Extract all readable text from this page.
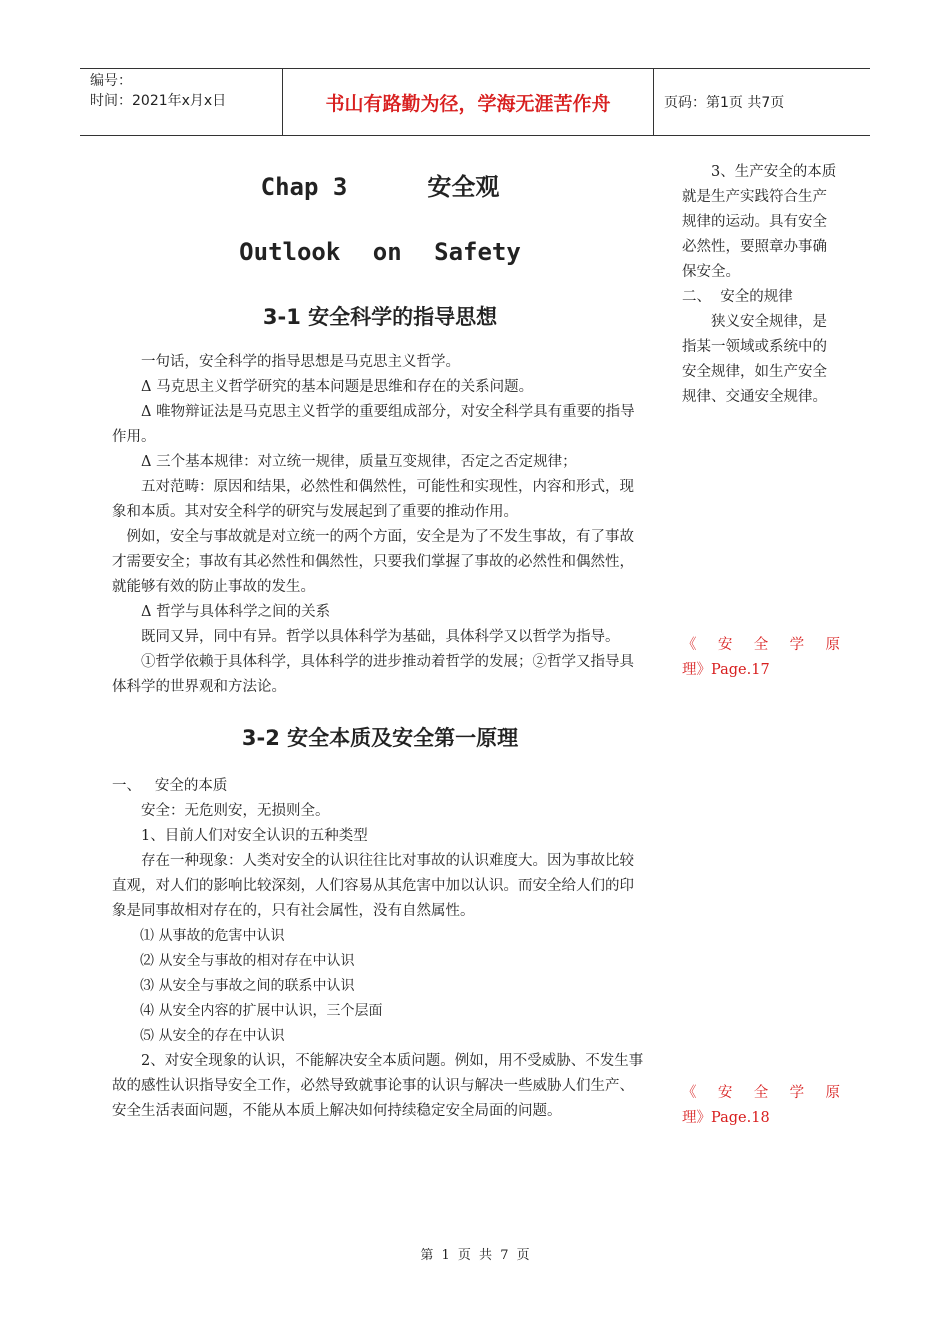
编号：
时间：2021年x月x日	书山有路勤为径，学海无涯苦作舟	页码：第1页 共7页
Chap 3	安全观
Outlook on Safety
3-1 安全科学的指导思想

一句话，安全科学的指导思想是马克思主义哲学。

Δ 马克思主义哲学研究的基本问题是思维和存在的关系问题。

Δ 唯物辩证法是马克思主义哲学的重要组成部分，对安全科学具有重要的指导作用。

Δ 三个基本规律：对立统一规律，质量互变规律，否定之否定规律；

五对范畴：原因和结果，必然性和偶然性，可能性和实现性，内容和形式，现象和本质。其对安全科学的研究与发展起到了重要的推动作用。

例如，安全与事故就是对立统一的两个方面，安全是为了不发生事故，有了事故才需要安全；事故有其必然性和偶然性，只要我们掌握了事故的必然性和偶然性，就能够有效的防止事故的发生。

Δ 哲学与具体科学之间的关系

既同又异，同中有异。哲学以具体科学为基础，具体科学又以哲学为指导。

①哲学依赖于具体科学，具体科学的进步推动着哲学的发展；②哲学又指导具体科学的世界观和方法论。

3-2 安全本质及安全第一原理

一、   安全的本质

安全：无危则安，无损则全。

1、目前人们对安全认识的五种类型

存在一种现象：人类对安全的认识往往比对事故的认识难度大。因为事故比较直观，对人们的影响比较深刻，人们容易从其危害中加以认识。而安全给人们的印象是同事故相对存在的，只有社会属性，没有自然属性。

⑴ 从事故的危害中认识

⑵ 从安全与事故的相对存在中认识

⑶ 从安全与事故之间的联系中认识

⑷ 从安全内容的扩展中认识，三个层面

⑸ 从安全的存在中认识

2、对安全现象的认识，不能解决安全本质问题。例如，用不受威胁、不发生事故的感性认识指导安全工作，必然导致就事论事的认识与解决一些威胁人们生产、安全生活表面问题，不能从本质上解决如何持续稳定安全局面的问题。

3、生产安全的本质就是生产实践符合生产规律的运动。具有安全必然性，要照章办事确保安全。

二、  安全的规律

狭义安全规律，是指某一领域或系统中的安全规律，如生产安全规律、交通安全规律。

《 安 全 学 原
理》Page.17
《 安 全 学 原
理》Page.18
第 1 页 共 7 页
